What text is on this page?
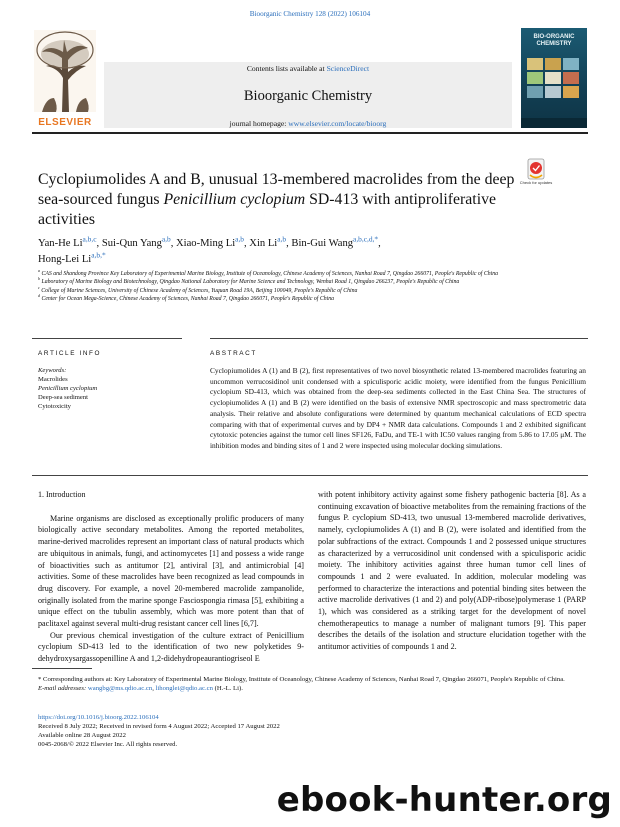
Bioorganic Chemistry 128 (2022) 106104
ELSEVIER
Contents lists available at ScienceDirect
Bioorganic Chemistry
journal homepage: www.elsevier.com/locate/bioorg
BIO-ORGANIC CHEMISTRY
Check for updates
Cyclopiumolides A and B, unusual 13-membered macrolides from the deep sea-sourced fungus Penicillium cyclopium SD-413 with antiproliferative activities
Yan-He Li$^{a,b,c}$, Sui-Qun Yang$^{a,b}$, Xiao-Ming Li$^{a,b}$, Xin Li$^{a,b}$, Bin-Gui Wang$^{a,b,c,d,*}$,
Hong-Lei $Li^{a,b,*}$
$^a$ CAS and Shandong Province Key Laboratory of Experimental Marine Biology, Institute of Oceanology, Chinese Academy of Sciences, Nanhai Road 7, Qingdao 266071, People's Republic of China
$^b$ Laboratory of Marine Biology and Biotechnology, Qingdao National Laboratory for Marine Science and Technology, Wenhai Road 1, Qingdao 266237, People's Republic of China
$^c$ College of Marine Sciences, University of Chinese Academy of Sciences, Yuquan Road 19A, Beijing 100049, People's Republic of China
$^d$ Center for Ocean Mega-Science, Chinese Academy of Sciences, Nanhai Road 7, Qingdao 266071, People's Republic of China
ARTICLE INFO
Keywords:
Macrolides
Penicillium cyclopium
Deep-sea sediment
Cytotoxicity
ABSTRACT
Cyclopiumolides A (1) and B (2), first representatives of two novel biosynthetic related 13-membered macrolides featuring an uncommon verrucosidinol unit condensed with a spiculisporic acidic moiety, were identified from the fungus Penicillium cyclopium SD-413, which was obtained from the deep-sea sediments collected in the East China Sea. The structures of cyclopiumolides A (1) and B (2) were identified on the basis of extensive NMR spectroscopic and mass spectrometric data analysis. Their relative and absolute configurations were determined by quantum mechanical calculations of ECD spectra comparing with that of experimental curves and by DP4 + NMR data calculations. Compounds 1 and 2 exhibited significant cytotoxic potencies against the tumor cell lines SF126, FaDu, and TE-1 with IC50 values ranging from 5.86 to 17.05 μM. The inhibition modes and binding sites of 1 and 2 were inspected using molecular docking simulations.
1. Introduction
Marine organisms are disclosed as exceptionally prolific producers of many biologically active secondary metabolites. Among the reported metabolites, marine-derived macrolides represent an important class of natural products which are ubiquitous in animals, fungi, and actinomycetes [1] and possess a wide range of bioactivities such as antitumor [2], antiviral [3], and antimicrobial [4] activities. Some of these macrolides have been recognized as lead compounds in drug discovery. For example, a novel 20-membered macrolide zampanolide, originally isolated from the marine sponge Fasciospongia rimasa [5], exhibiting a unique effect on the tubulin assembly, which was more potent than that of paclitaxel against several multi-drug resistant cancer cell lines [6,7].
Our previous chemical investigation of the culture extract of Penicillium cyclopium SD-413 led to the identification of two new polyketides 9-dehydroxysargassopenilline A and 1,2-didehydropeaurantiogriseol E
with potent inhibitory activity against some fishery pathogenic bacteria [8]. As a continuing excavation of bioactive metabolites from the remaining fractions of the fungus P. cyclopium SD-413, two unusual 13-membered macrolide derivatives, namely, cyclopiumolides A (1) and B (2), were isolated and identified from the polar subfractions of the extract. Compounds 1 and 2 possessed unique structures as characterized by a verrucosidinol unit condensed with a spiculisporic acidic moiety. The inhibitory activities against three human tumor cell lines of compounds 1 and 2 were evaluated. In addition, molecular modeling was performed to characterize the interactions and potential binding sites between the active macrolide derivatives (1 and 2) and poly(ADP-ribose)polymerase 1 (PARP 1), which was considered as a striking target for the development of novel chemotherapeutics to manage a number of malignant tumors [9]. This paper describes the details of the isolation and structure elucidation together with the antitumor activities of compounds 1 and 2.
* Corresponding authors at: Key Laboratory of Experimental Marine Biology, Institute of Oceanology, Chinese Academy of Sciences, Nanhai Road 7, Qingdao 266071, People's Republic of China.
E-mail addresses: wangbg@ms.qdio.ac.cn, lihonglei@qdio.ac.cn (H.-L. Li).
https://doi.org/10.1016/j.bioorg.2022.106104
Received 8 July 2022; Received in revised form 4 August 2022; Accepted 17 August 2022
Available online 28 August 2022
0045-2068/© 2022 Elsevier Inc. All rights reserved.
ebook-hunter.org
